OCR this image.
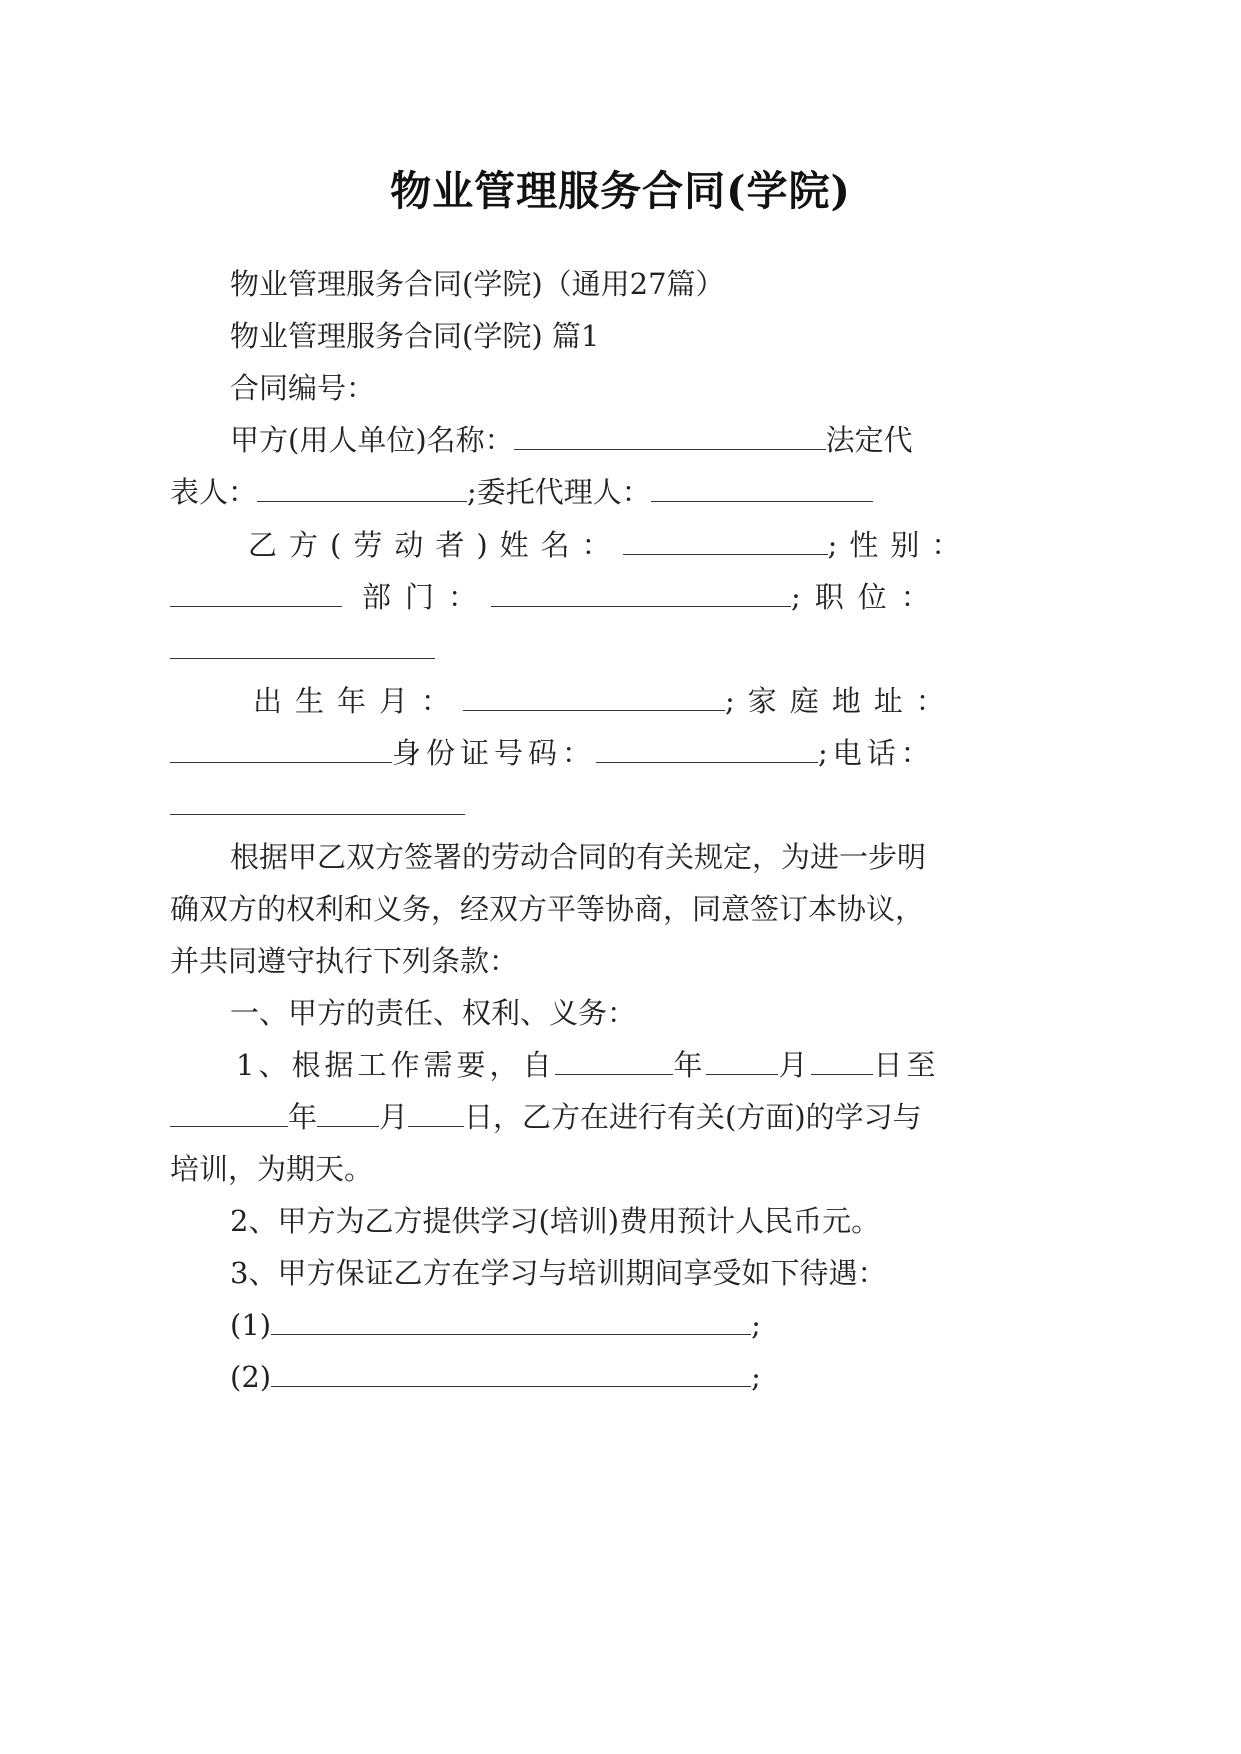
物业管理服务合同(学院)
物业管理服务合同(学院)（通用27篇）
物业管理服务合同(学院) 篇1
合同编号：
甲方(用人单位)名称：	法定代
表人：	;委托代理人：
乙方(劳动者)姓名：	;性别：
部门：	;职位：
出生年月：	;家庭地址：
身份证号码：	;电话：
根据甲乙双方签署的劳动合同的有关规定，为进一步明
确双方的权利和义务，经双方平等协商，同意签订本协议，
并共同遵守执行下列条款：
一、甲方的责任、权利、义务：
1、根据工作需要，自	年 月 日至
年 月 日，乙方在进行有关(方面)的学习与
培训，为期天。
2、甲方为乙方提供学习(培训)费用预计人民币元。
3、甲方保证乙方在学习与培训期间享受如下待遇：
(1)	;
(2)	;
